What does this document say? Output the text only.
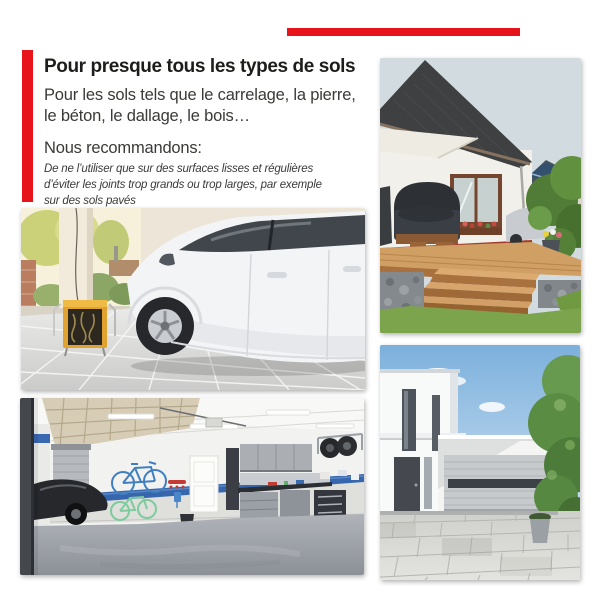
Pour presque tous les types de sols

Pour les sols tels que le carrelage, la pierre,
le béton, le dallage, le bois…

Nous recommandons:

De ne l’utiliser que sur des surfaces lisses et régulières
d’éviter les joints trop grands ou trop larges, par exemple
sur des sols pavés
